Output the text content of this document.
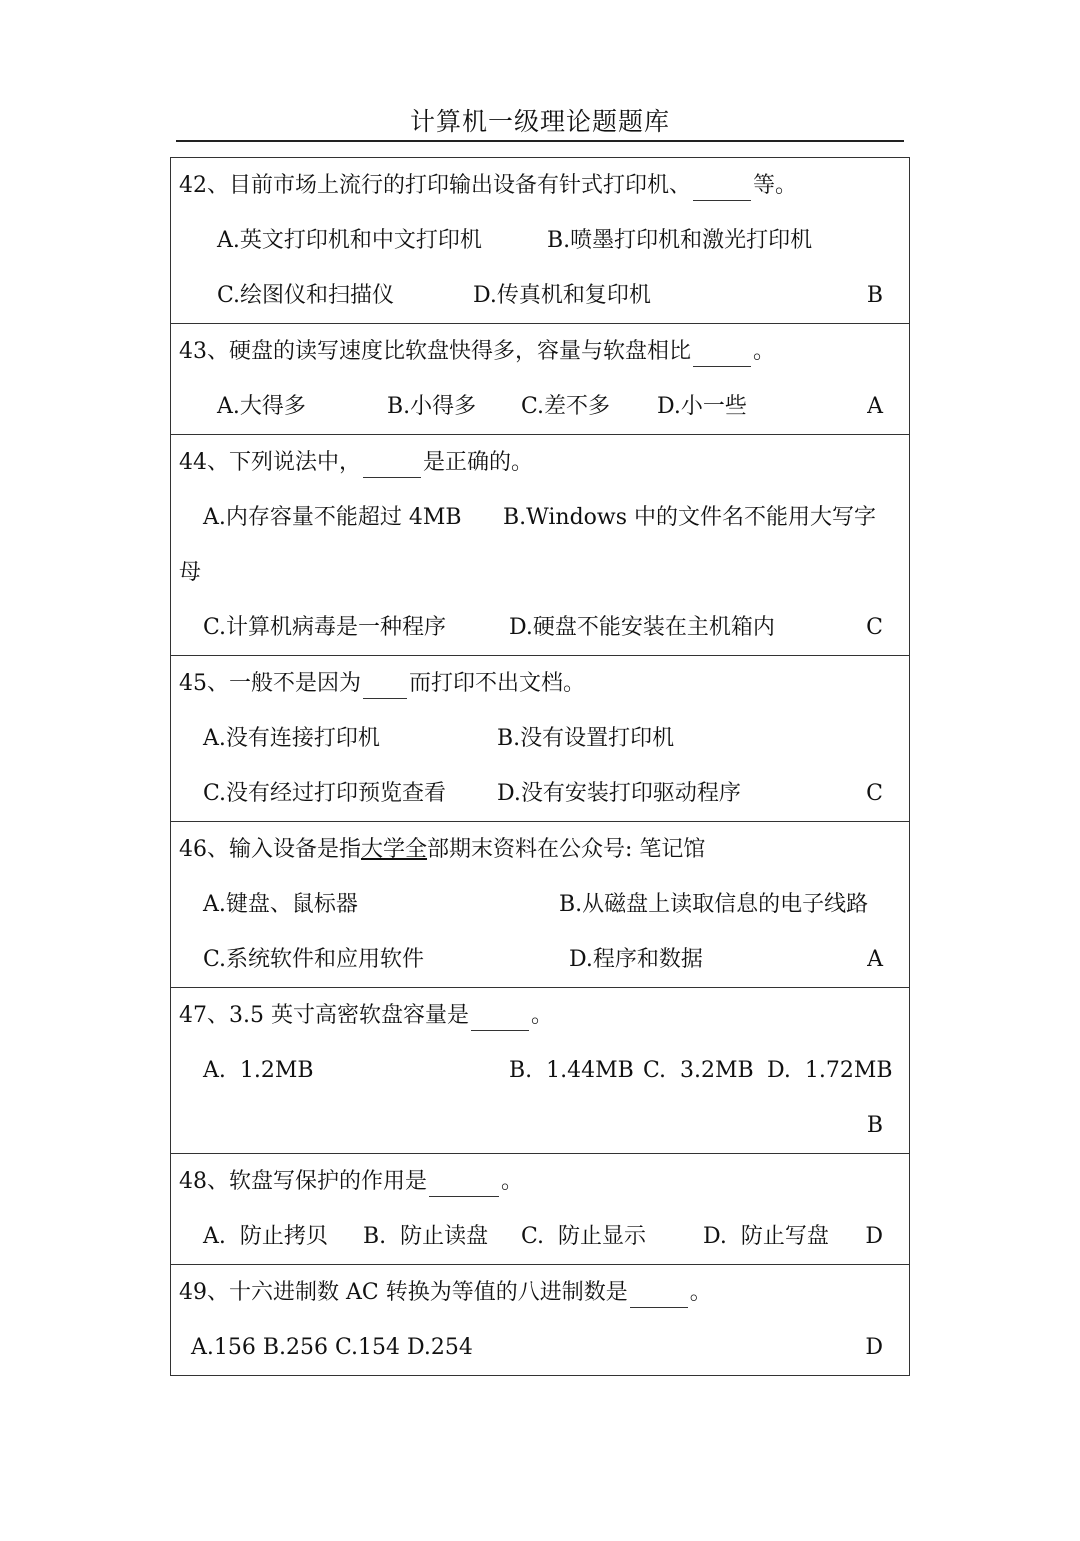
计算机一级理论题题库
42、目前市场上流行的打印输出设备有针式打印机、	等。
A.英文打印机和中文打印机	B.喷墨打印机和激光打印机
C.绘图仪和扫描仪	D.传真机和复印机	B
43、硬盘的读写速度比软盘快得多，容量与软盘相比	。
A.大得多	B.小得多 C.差不多 D.小一些	A
44、下列说法中，	是正确的。
A.内存容量不能超过 4MB B.Windows 中的文件名不能用大写字
母
C.计算机病毒是一种程序	D.硬盘不能安装在主机箱内	C
45、一般不是因为 而打印不出文档。
A.没有连接打印机	B.没有设置打印机
C.没有经过打印预览查看 D.没有安装打印驱动程序	C
46、输入设备是指大学全部期末资料在公众号: 笔记馆
A.键盘、鼠标器	B.从磁盘上读取信息的电子线路
C.系统软件和应用软件	D.程序和数据	A
47、3.5 英寸高密软盘容量是	。
A.  1.2MB	B.  1.44MB C.  3.2MB D.  1.72MB
B
48、软盘写保护的作用是	。
A.  防止拷贝 B.  防止读盘 C.  防止显示	D.  防止写盘 D
49、十六进制数 AC 转换为等值的八进制数是	。
A.156 B.256 C.154 D.254	D
